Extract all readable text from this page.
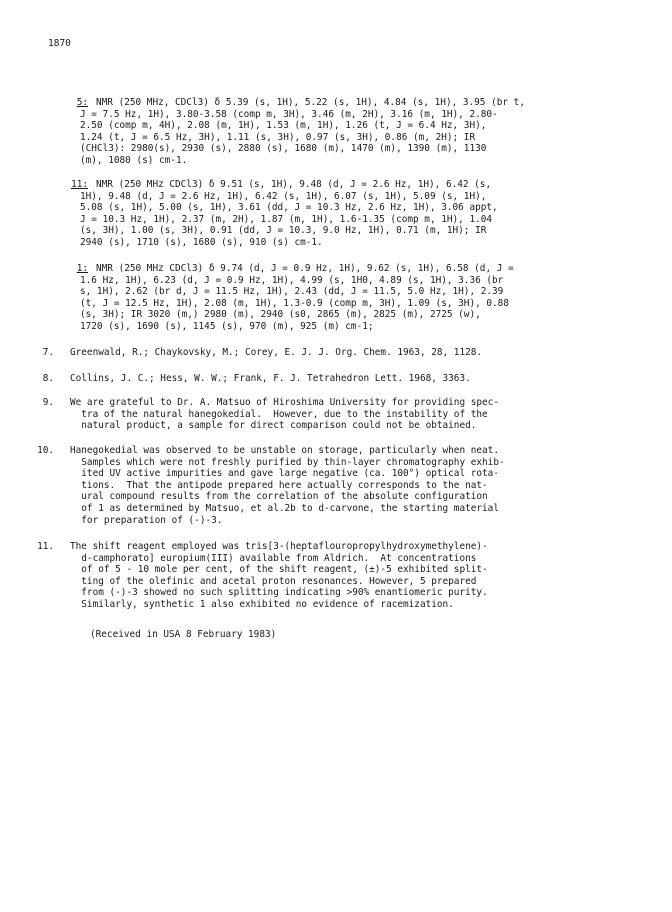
1870
5: NMR (250 MHz, CDCl3) δ 5.39 (s, 1H), 5.22 (s, 1H), 4.84 (s, 1H), 3.95 (br t,
J = 7.5 Hz, 1H), 3.80-3.58 (comp m, 3H), 3.46 (m, 2H), 3.16 (m, 1H), 2.80-
2.50 (comp m, 4H), 2.08 (m, 1H), 1.53 (m, 1H), 1.26 (t, J = 6.4 Hz, 3H),
1.24 (t, J = 6.5 Hz, 3H), 1.11 (s, 3H), 0.97 (s, 3H), 0.86 (m, 2H); IR
(CHCl3): 2980(s), 2930 (s), 2880 (s), 1680 (m), 1470 (m), 1390 (m), 1130
(m), 1080 (s) cm-1.
11: NMR (250 MHz CDCl3) δ 9.51 (s, 1H), 9.48 (d, J = 2.6 Hz, 1H), 6.42 (s,
1H), 9.48 (d, J = 2.6 Hz, 1H), 6.42 (s, 1H), 6.07 (s, 1H), 5.09 (s, 1H),
5.08 (s, 1H), 5.00 (s, 1H), 3.61 (dd, J = 10.3 Hz, 2.6 Hz, 1H), 3.06 appt,
J = 10.3 Hz, 1H), 2.37 (m, 2H), 1.87 (m, 1H), 1.6-1.35 (comp m, 1H), 1.04
(s, 3H), 1.00 (s, 3H), 0.91 (dd, J = 10.3, 9.0 Hz, 1H), 0.71 (m, 1H); IR
2940 (s), 1710 (s), 1680 (s), 910 (s) cm-1.
1: NMR (250 MHz CDCl3) δ 9.74 (d, J = 0.9 Hz, 1H), 9.62 (s, 1H), 6.58 (d, J =
1.6 Hz, 1H), 6.23 (d, J = 0.9 Hz, 1H), 4.99 (s, 1H0, 4.89 (s, 1H), 3.36 (br
s, 1H), 2.62 (br d, J = 11.5 Hz, 1H), 2.43 (dd, J = 11.5, 5.0 Hz, 1H), 2.39
(t, J = 12.5 Hz, 1H), 2.08 (m, 1H), 1.3-0.9 (comp m, 3H), 1.09 (s, 3H), 0.88
(s, 3H); IR 3020 (m,) 2980 (m), 2940 (s0, 2865 (m), 2825 (m), 2725 (w),
1720 (s), 1690 (s), 1145 (s), 970 (m), 925 (m) cm-1;
7. Greenwald, R.; Chaykovsky, M.; Corey, E. J. J. Org. Chem. 1963, 28, 1128.
8. Collins, J. C.; Hess, W. W.; Frank, F. J. Tetrahedron Lett. 1968, 3363.
9. We are grateful to Dr. A. Matsuo of Hiroshima University for providing spec-
tra of the natural hanegokedial.  However, due to the instability of the
natural product, a sample for direct comparison could not be obtained.
10. Hanegokedial was observed to be unstable on storage, particularly when neat.
Samples which were not freshly purified by thin-layer chromatography exhib-
ited UV active impurities and gave large negative (ca. 100°) optical rota-
tions.  That the antipode prepared here actually corresponds to the nat-
ural compound results from the correlation of the absolute configuration
of 1 as determined by Matsuo, et al.2b to d-carvone, the starting material
for preparation of (-)-3.
11. The shift reagent employed was tris[3-(heptaflouropropylhydroxymethylene)-
d-camphorato] europium(III) available from Aldrich.  At concentrations
of of 5 - 10 mole per cent, of the shift reagent, (±)-5 exhibited split-
ting of the olefinic and acetal proton resonances. However, 5 prepared
from (-)-3 showed no such splitting indicating >90% enantiomeric purity.
Similarly, synthetic 1 also exhibited no evidence of racemization.
(Received in USA 8 February 1983)
